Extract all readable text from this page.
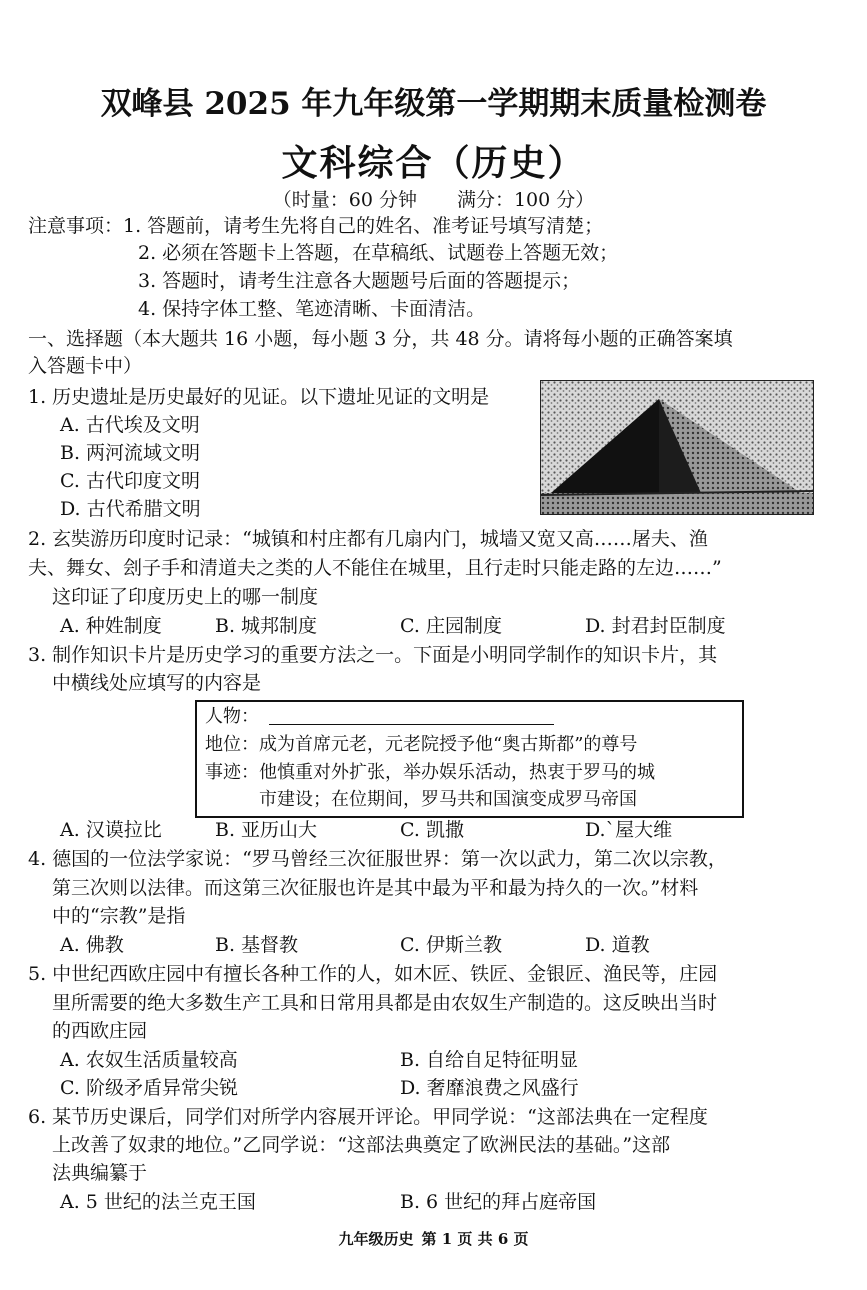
双峰县 2025 年九年级第一学期期末质量检测卷
文科综合（历史）
（时量：60 分钟 满分：100 分）
注意事项：1. 答题前，请考生先将自己的姓名、准考证号填写清楚；
2. 必须在答题卡上答题，在草稿纸、试题卷上答题无效；
3. 答题时，请考生注意各大题题号后面的答题提示；
4. 保持字体工整、笔迹清晰、卡面清洁。
一、选择题（本大题共 16 小题，每小题 3 分，共 48 分。请将每小题的正确答案填
入答题卡中）
1. 历史遗址是历史最好的见证。以下遗址见证的文明是
A. 古代埃及文明
B. 两河流域文明
C. 古代印度文明
D. 古代希腊文明
2. 玄奘游历印度时记录：“城镇和村庄都有几扇内门，城墙又宽又高……屠夫、渔
夫、舞女、刽子手和清道夫之类的人不能住在城里，且行走时只能走路的左边……”
这印证了印度历史上的哪一制度
A. 种姓制度	B. 城邦制度	C. 庄园制度	D. 封君封臣制度
3. 制作知识卡片是历史学习的重要方法之一。下面是小明同学制作的知识卡片，其
中横线处应填写的内容是
人物：
地位：成为首席元老，元老院授予他“奥古斯都”的尊号
事迹：他慎重对外扩张，举办娱乐活动，热衷于罗马的城
市建设；在位期间，罗马共和国演变成罗马帝国
A. 汉谟拉比	B. 亚历山大	C. 凯撒	D.`屋大维
4. 德国的一位法学家说：“罗马曾经三次征服世界：第一次以武力，第二次以宗教，
第三次则以法律。而这第三次征服也许是其中最为平和最为持久的一次。”材料
中的“宗教”是指
A. 佛教	B. 基督教	C. 伊斯兰教	D. 道教
5. 中世纪西欧庄园中有擅长各种工作的人，如木匠、铁匠、金银匠、渔民等，庄园
里所需要的绝大多数生产工具和日常用具都是由农奴生产制造的。这反映出当时
的西欧庄园
A. 农奴生活质量较高	B. 自给自足特征明显
C. 阶级矛盾异常尖锐	D. 奢靡浪费之风盛行
6. 某节历史课后，同学们对所学内容展开评论。甲同学说：“这部法典在一定程度
上改善了奴隶的地位。”乙同学说：“这部法典奠定了欧洲民法的基础。”这部
法典编纂于
A. 5 世纪的法兰克王国	B. 6 世纪的拜占庭帝国
九年级历史 第 1 页 共 6 页
